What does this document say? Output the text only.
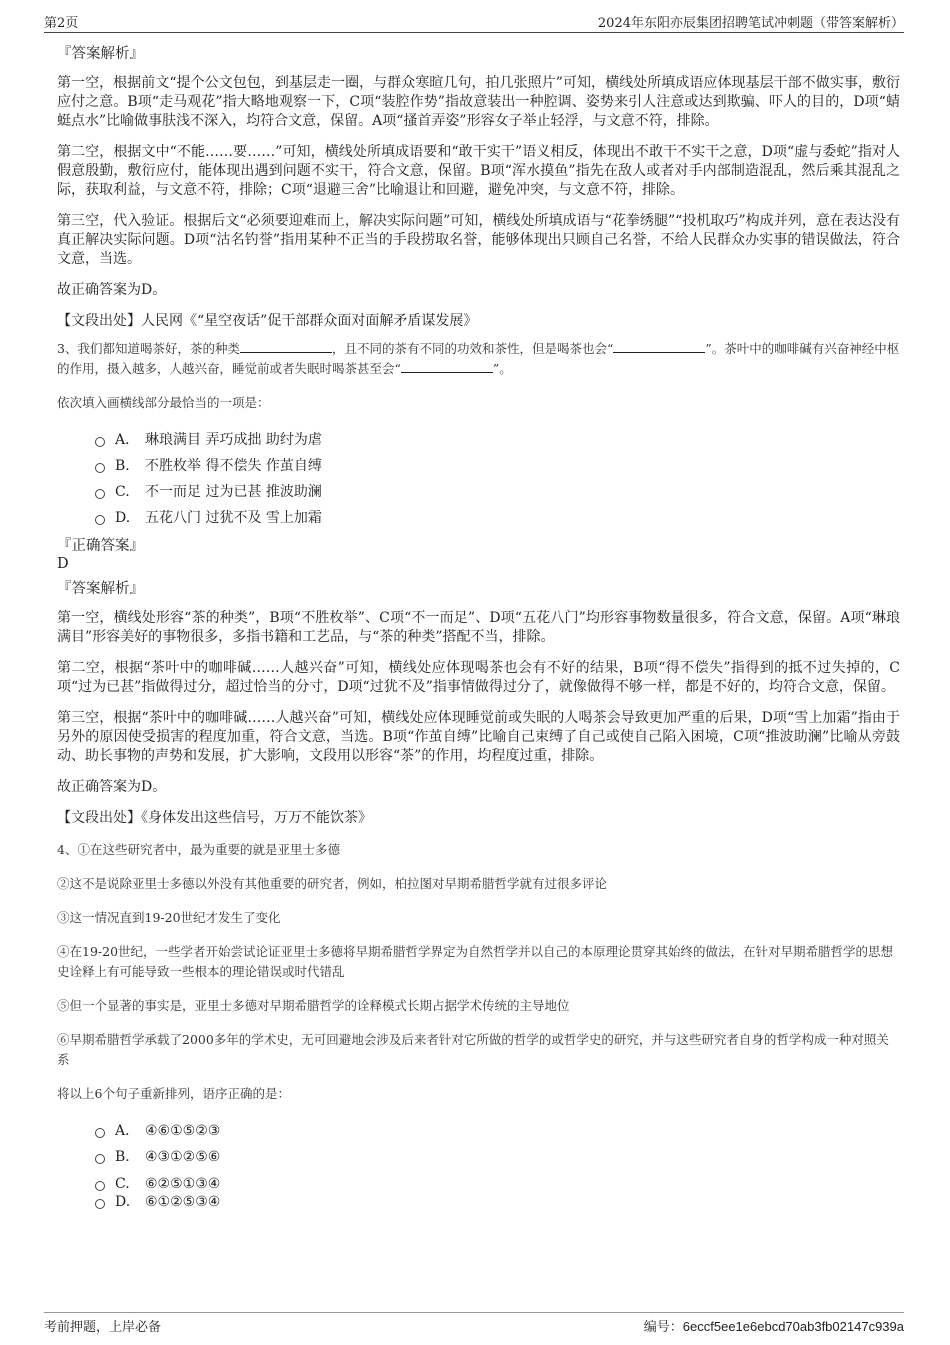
第2页	2024年东阳亦辰集团招聘笔试冲刺题（带答案解析）
『答案解析』
第一空，根据前文“提个公文包包，到基层走一圈，与群众寒暄几句，拍几张照片”可知，横线处所填成语应体现基层干部不做实事，敷衍应付之意。B项“走马观花”指大略地观察一下，C项“装腔作势”指故意装出一种腔调、姿势来引人注意或达到欺骗、吓人的目的，D项“蜻蜓点水”比喻做事肤浅不深入，均符合文意，保留。A项“搔首弄姿”形容女子举止轻浮，与文意不符，排除。
第二空，根据文中“不能……要……”可知，横线处所填成语要和“敢干实干”语义相反，体现出不敢干不实干之意，D项“虚与委蛇”指对人假意殷勤，敷衍应付，能体现出遇到问题不实干，符合文意，保留。B项“浑水摸鱼”指先在敌人或者对手内部制造混乱，然后乘其混乱之际，获取利益，与文意不符，排除；C项“退避三舍”比喻退让和回避，避免冲突，与文意不符，排除。
第三空，代入验证。根据后文“必须要迎难而上，解决实际问题”可知，横线处所填成语与“花拳绣腿”“投机取巧”构成并列，意在表达没有真正解决实际问题。D项“沽名钓誉”指用某种不正当的手段捞取名誉，能够体现出只顾自己名誉，不给人民群众办实事的错误做法，符合文意，当选。
故正确答案为D。
【文段出处】人民网《“星空夜话”促干部群众面对面解矛盾谋发展》
3、我们都知道喝茶好，茶的种类	，且不同的茶有不同的功效和茶性，但是喝茶也会“	”。茶叶中的咖啡碱有兴奋神经中枢的作用，摄入越多，人越兴奋，睡觉前或者失眠时喝茶甚至会“	”。
依次填入画横线部分最恰当的一项是：
A． 琳琅满目 弄巧成拙 助纣为虐
B.	不胜枚举 得不偿失 作茧自缚
C.	不一而足 过为已甚 推波助澜
D.	五花八门 过犹不及 雪上加霜
『正确答案』
D
『答案解析』
第一空，横线处形容“茶的种类”，B项“不胜枚举”、C项“不一而足”、D项“五花八门”均形容事物数量很多，符合文意，保留。A项“琳琅满目”形容美好的事物很多，多指书籍和工艺品，与“茶的种类”搭配不当，排除。
第二空，根据“茶叶中的咖啡碱……人越兴奋”可知，横线处应体现喝茶也会有不好的结果，B项“得不偿失”指得到的抵不过失掉的，C项“过为已甚”指做得过分，超过恰当的分寸，D项“过犹不及”指事情做得过分了，就像做得不够一样，都是不好的，均符合文意，保留。
第三空，根据“茶叶中的咖啡碱……人越兴奋”可知，横线处应体现睡觉前或失眠的人喝茶会导致更加严重的后果，D项“雪上加霜”指由于另外的原因使受损害的程度加重，符合文意，当选。B项“作茧自缚”比喻自己束缚了自己或使自己陷入困境，C项“推波助澜”比喻从旁鼓动、助长事物的声势和发展，扩大影响，文段用以形容“茶”的作用，均程度过重，排除。
故正确答案为D。
【文段出处】《身体发出这些信号，万万不能饮茶》
4、①在这些研究者中，最为重要的就是亚里士多德
②这不是说除亚里士多德以外没有其他重要的研究者，例如，柏拉图对早期希腊哲学就有过很多评论
③这一情况直到19-20世纪才发生了变化
④在19-20世纪，一些学者开始尝试论证亚里士多德将早期希腊哲学界定为自然哲学并以自己的本原理论贯穿其始终的做法，在针对早期希腊哲学的思想史诠释上有可能导致一些根本的理论错误或时代错乱
⑤但一个显著的事实是，亚里士多德对早期希腊哲学的诠释模式长期占据学术传统的主导地位
⑥早期希腊哲学承载了2000多年的学术史，无可回避地会涉及后来者针对它所做的哲学的或哲学史的研究，并与这些研究者自身的哲学构成一种对照关系
将以上6个句子重新排列，语序正确的是：
A． ④⑥①⑤②③
B.	④③①②⑤⑥
C.	⑥②⑤①③④
D.	⑥①②⑤③④
考前押题，上岸必备	编号：6eccf5ee1e6ebcd70ab3fb02147c939a
